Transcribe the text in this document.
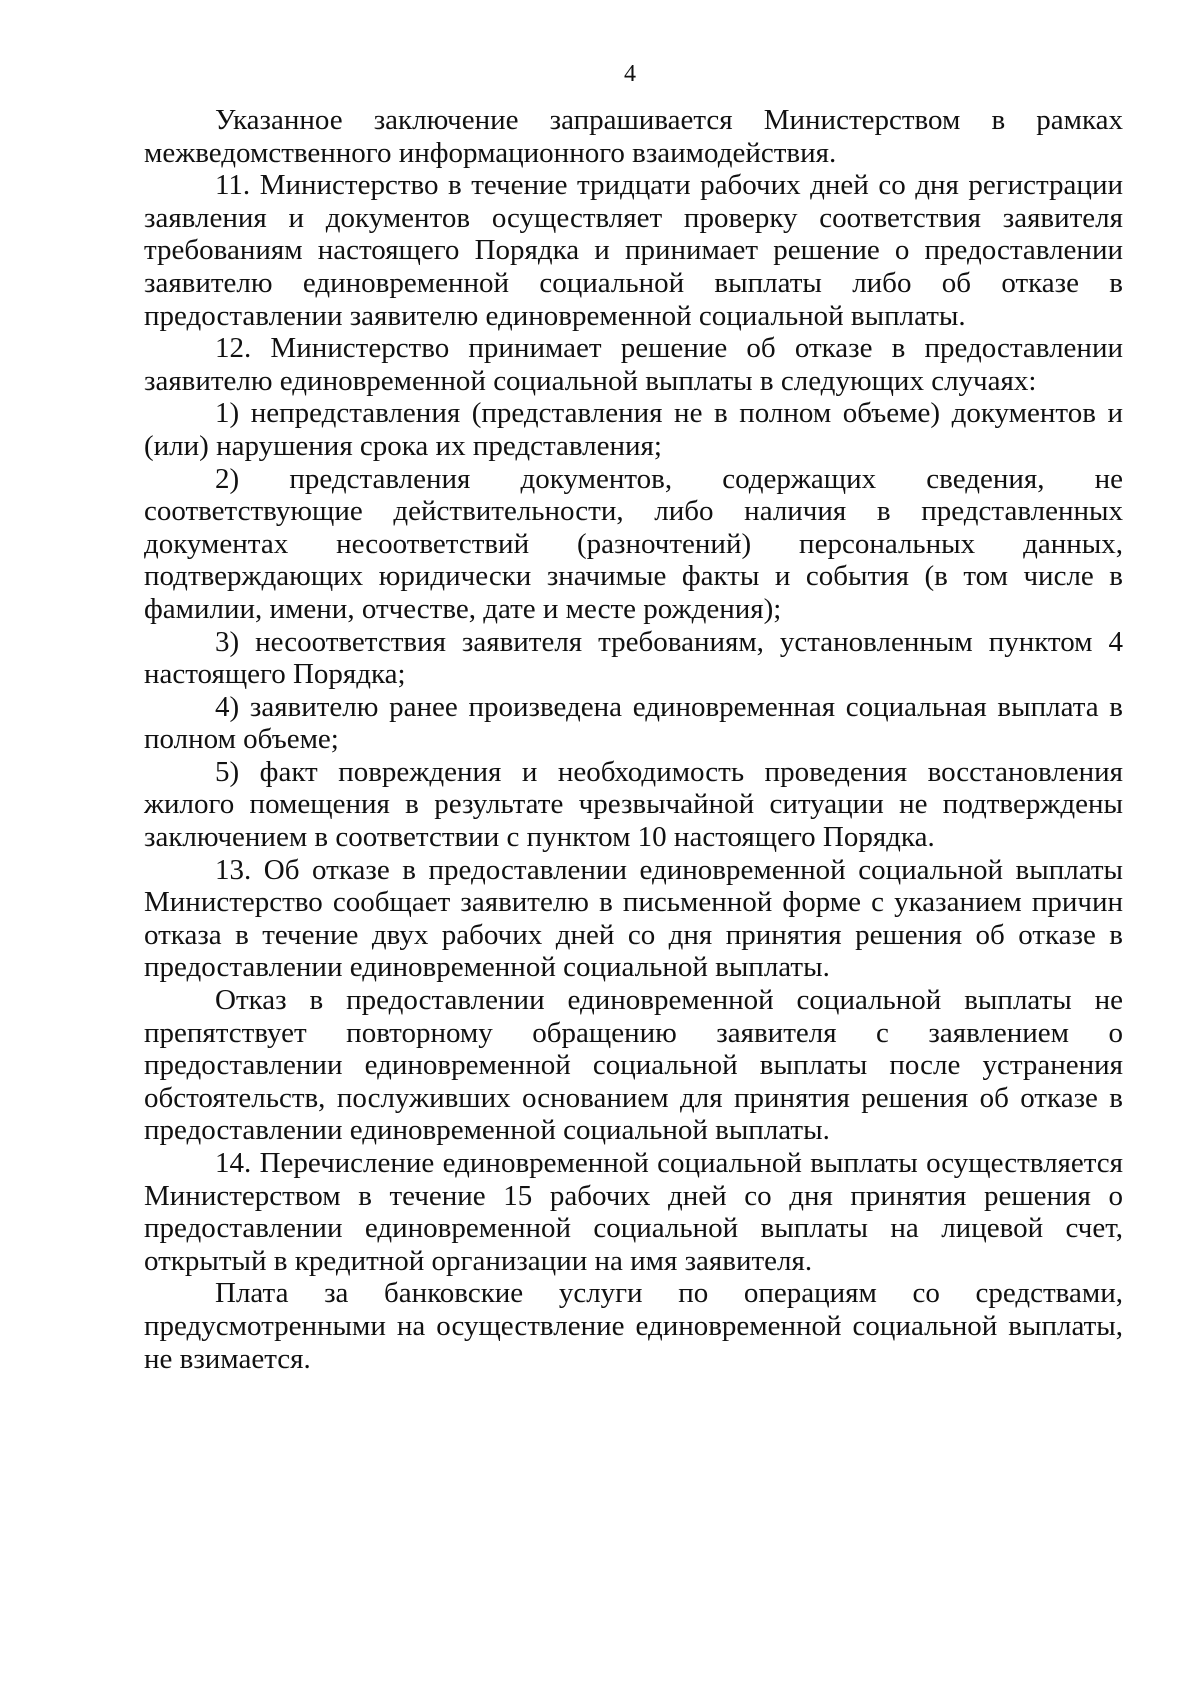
4

Указанное заключение запрашивается Министерством в рамках межведомственного информационного взаимодействия.

11. Министерство в течение тридцати рабочих дней со дня регистрации заявления и документов осуществляет проверку соответствия заявителя требованиям настоящего Порядка и принимает решение о предоставлении заявителю единовременной социальной выплаты либо об отказе в предоставлении заявителю единовременной социальной выплаты.

12. Министерство принимает решение об отказе в предоставлении заявителю единовременной социальной выплаты в следующих случаях:

1) непредставления (представления не в полном объеме) документов и (или) нарушения срока их представления;

2) представления документов, содержащих сведения, не соответствующие действительности, либо наличия в представленных документах несоответствий (разночтений) персональных данных, подтверждающих юридически значимые факты и события (в том числе в фамилии, имени, отчестве, дате и месте рождения);

3) несоответствия заявителя требованиям, установленным пунктом 4 настоящего Порядка;

4) заявителю ранее произведена единовременная социальная выплата в полном объеме;

5) факт повреждения и необходимость проведения восстановления жилого помещения в результате чрезвычайной ситуации не подтверждены заключением в соответствии с пунктом 10 настоящего Порядка.

13. Об отказе в предоставлении единовременной социальной выплаты Министерство сообщает заявителю в письменной форме с указанием причин отказа в течение двух рабочих дней со дня принятия решения об отказе в предоставлении единовременной социальной выплаты.

Отказ в предоставлении единовременной социальной выплаты не препятствует повторному обращению заявителя с заявлением о предоставлении единовременной социальной выплаты после устранения обстоятельств, послуживших основанием для принятия решения об отказе в предоставлении единовременной социальной выплаты.

14. Перечисление единовременной социальной выплаты осуществляется Министерством в течение 15 рабочих дней со дня принятия решения о предоставлении единовременной социальной выплаты на лицевой счет, открытый в кредитной организации на имя заявителя.

Плата за банковские услуги по операциям со средствами, предусмотренными на осуществление единовременной социальной выплаты, не взимается.
